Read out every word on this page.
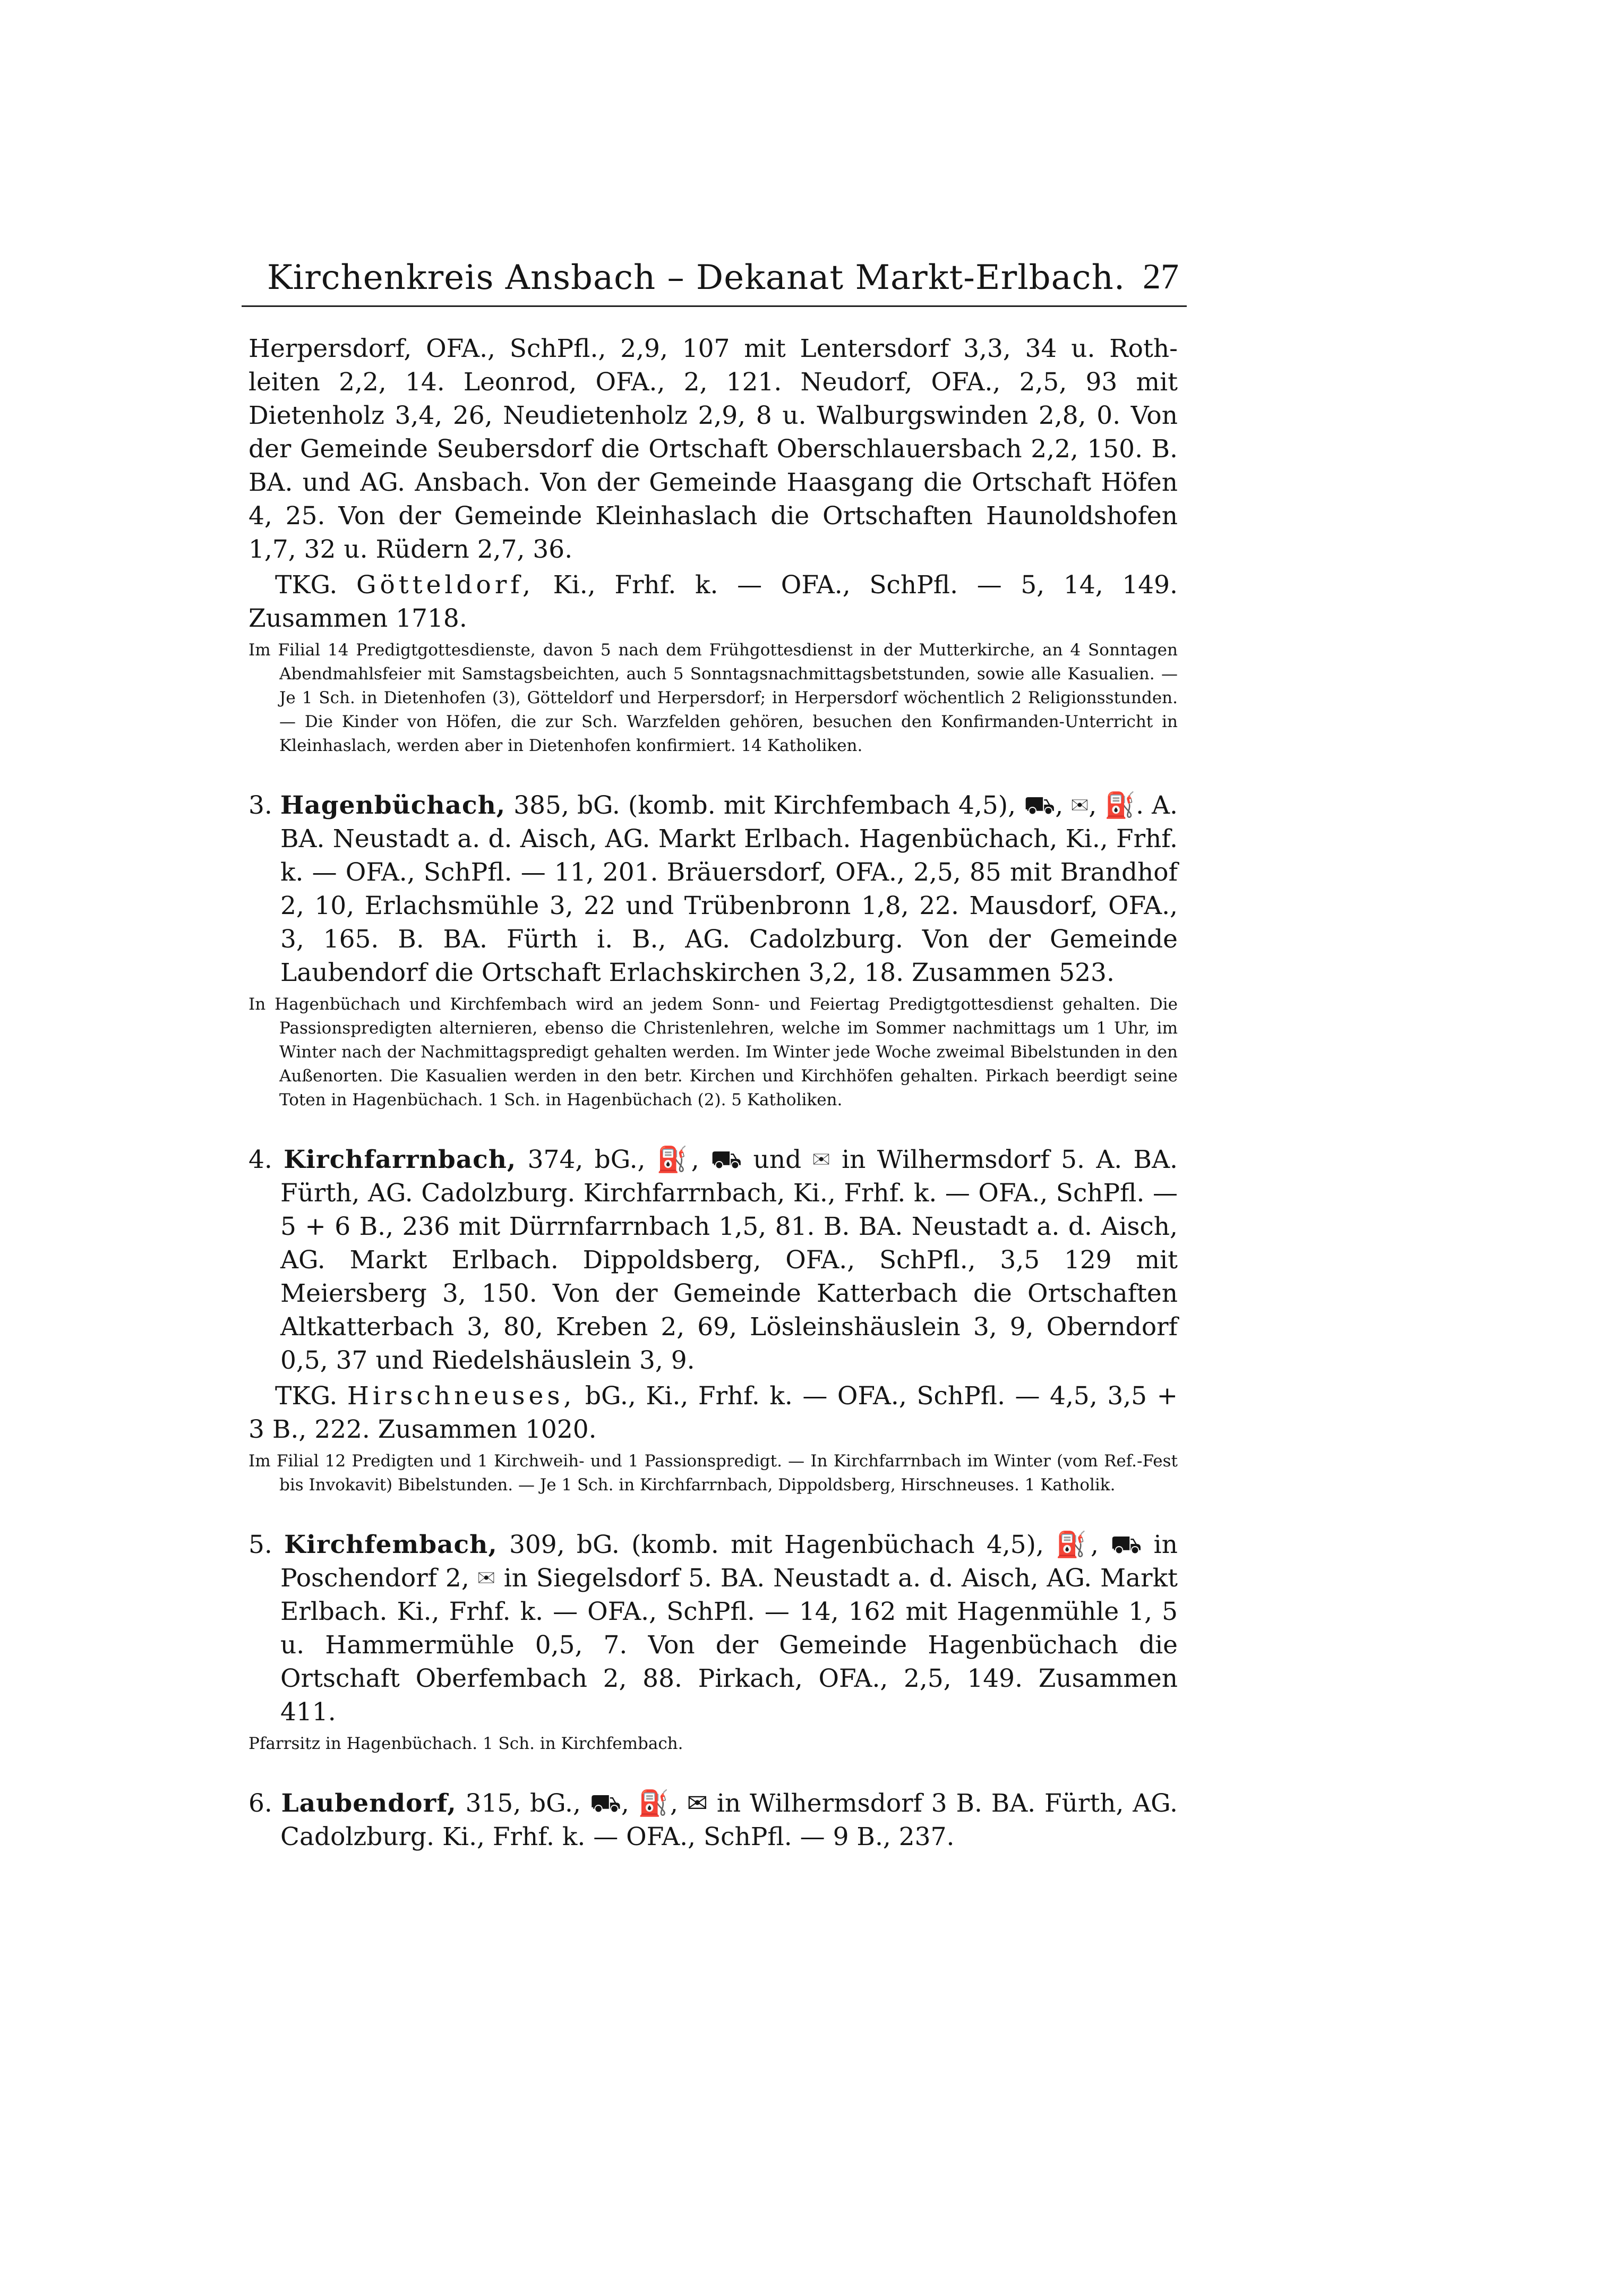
Kirchenkreis Ansbach – Dekanat Markt-Erlbach. 27

Herpersdorf, OFA., SchPfl., 2,9, 107 mit Lentersdorf 3,3, 34 u. Roth-leiten 2,2, 14. Leonrod, OFA., 2, 121. Neudorf, OFA., 2,5, 93 mit Dietenholz 3,4, 26, Neudietenholz 2,9, 8 u. Walburgswinden 2,8, 0. Von der Gemeinde Seubersdorf die Ortschaft Oberschlauersbach 2,2, 150. B. BA. und AG. Ansbach. Von der Gemeinde Haasgang die Ortschaft Höfen 4, 25. Von der Gemeinde Kleinhaslach die Ortschaften Haunoldshofen 1,7, 32 u. Rüdern 2,7, 36.

TKG. Götteldorf, Ki., Frhf. k. — OFA., SchPfl. — 5, 14, 149. Zusammen 1718.

Im Filial 14 Predigtgottesdienste, davon 5 nach dem Frühgottesdienst in der Mutterkirche, an 4 Sonntagen Abendmahlsfeier mit Samstagsbeichten, auch 5 Sonntagsnachmittagsbetstunden, sowie alle Kasualien. — Je 1 Sch. in Dietenhofen (3), Götteldorf und Herpersdorf; in Herpersdorf wöchentlich 2 Religionsstunden. — Die Kinder von Höfen, die zur Sch. Warzfelden gehören, besuchen den Konfirmanden-Unterricht in Kleinhaslach, werden aber in Dietenhofen konfirmiert. 14 Katholiken.

3. Hagenbüchach, 385, bG. (komb. mit Kirchfembach 4,5), ⛟, ✉, ⛽. A. BA. Neustadt a. d. Aisch, AG. Markt Erlbach. Hagenbüchach, Ki., Frhf. k. — OFA., SchPfl. — 11, 201. Bräuersdorf, OFA., 2,5, 85 mit Brandhof 2, 10, Erlachsmühle 3, 22 und Trübenbronn 1,8, 22. Mausdorf, OFA., 3, 165. B. BA. Fürth i. B., AG. Cadolzburg. Von der Gemeinde Laubendorf die Ortschaft Erlachskirchen 3,2, 18. Zusammen 523.

In Hagenbüchach und Kirchfembach wird an jedem Sonn- und Feiertag Predigtgottesdienst gehalten. Die Passionspredigten alternieren, ebenso die Christenlehren, welche im Sommer nachmittags um 1 Uhr, im Winter nach der Nachmittagspredigt gehalten werden. Im Winter jede Woche zweimal Bibelstunden in den Außenorten. Die Kasualien werden in den betr. Kirchen und Kirchhöfen gehalten. Pirkach beerdigt seine Toten in Hagenbüchach. 1 Sch. in Hagenbüchach (2). 5 Katholiken.

4. Kirchfarrnbach, 374, bG., ⛽, ⛟ und ✉ in Wilhermsdorf 5. A. BA. Fürth, AG. Cadolzburg. Kirchfarrnbach, Ki., Frhf. k. — OFA., SchPfl. — 5 + 6 B., 236 mit Dürrnfarrnbach 1,5, 81. B. BA. Neustadt a. d. Aisch, AG. Markt Erlbach. Dippoldsberg, OFA., SchPfl., 3,5 129 mit Meiersberg 3, 150. Von der Gemeinde Katterbach die Ortschaften Altkatterbach 3, 80, Kreben 2, 69, Lösleinshäuslein 3, 9, Oberndorf 0,5, 37 und Riedelshäuslein 3, 9.

TKG. Hirschneuses, bG., Ki., Frhf. k. — OFA., SchPfl. — 4,5, 3,5 + 3 B., 222. Zusammen 1020.

Im Filial 12 Predigten und 1 Kirchweih- und 1 Passionspredigt. — In Kirchfarrnbach im Winter (vom Ref.-Fest bis Invokavit) Bibelstunden. — Je 1 Sch. in Kirchfarrnbach, Dippoldsberg, Hirschneuses. 1 Katholik.

5. Kirchfembach, 309, bG. (komb. mit Hagenbüchach 4,5), ⛽, ⛟ in Poschendorf 2, ✉ in Siegelsdorf 5. BA. Neustadt a. d. Aisch, AG. Markt Erlbach. Ki., Frhf. k. — OFA., SchPfl. — 14, 162 mit Hagenmühle 1, 5 u. Hammermühle 0,5, 7. Von der Gemeinde Hagenbüchach die Ortschaft Oberfembach 2, 88. Pirkach, OFA., 2,5, 149. Zusammen 411.

Pfarrsitz in Hagenbüchach. 1 Sch. in Kirchfembach.

6. Laubendorf, 315, bG., ⛟, ⛽, ✉ in Wilhermsdorf 3 B. BA. Fürth, AG. Cadolzburg. Ki., Frhf. k. — OFA., SchPfl. — 9 B., 237.
